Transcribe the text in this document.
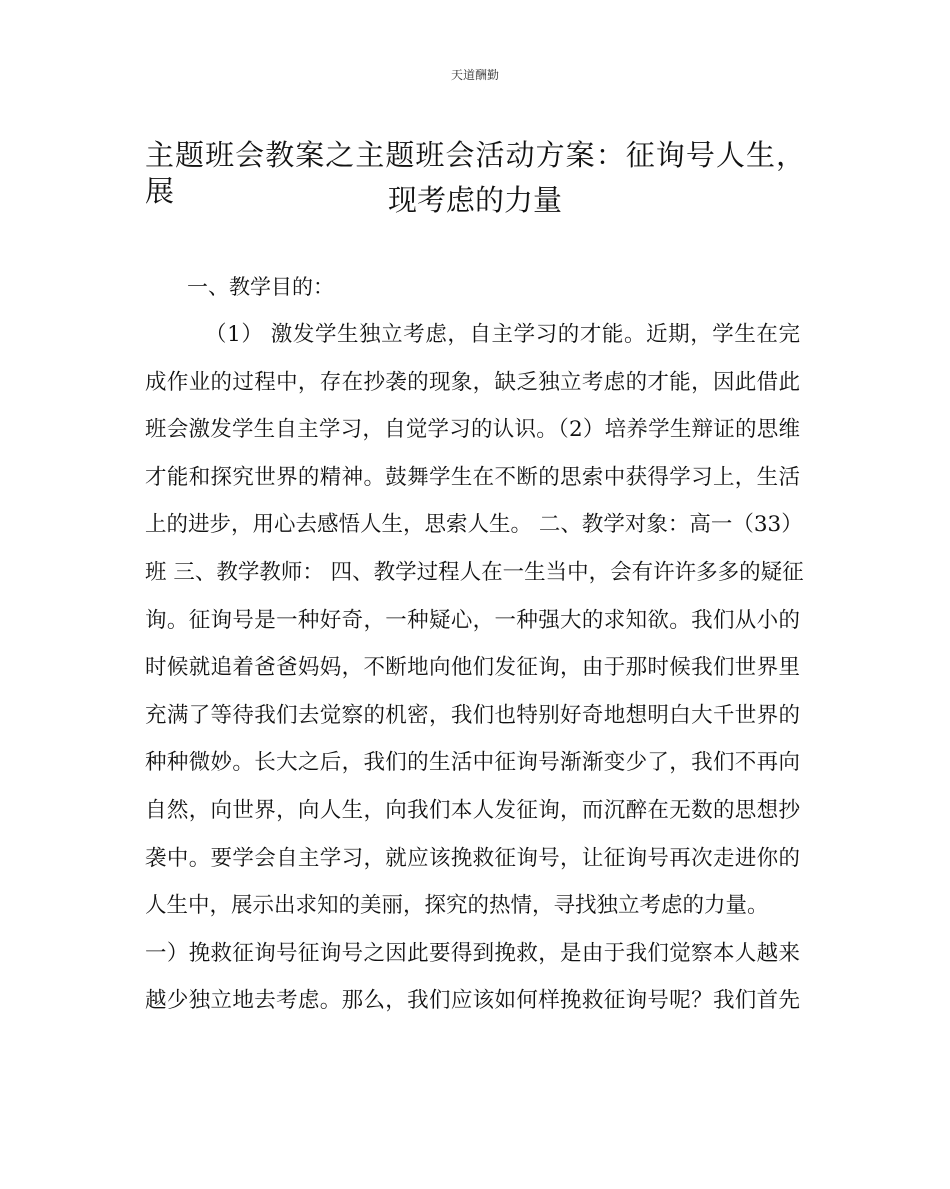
天道酬勤
主题班会教案之主题班会活动方案：征询号人生，展	现考虑的力量
一、教学目的：
（1） 激发学生独立考虑，自主学习的才能。近期，学生在完
成作业的过程中，存在抄袭的现象，缺乏独立考虑的才能，因此借此
班会激发学生自主学习，自觉学习的认识。（2）培养学生辩证的思维
才能和探究世界的精神。鼓舞学生在不断的思索中获得学习上，生活
上的进步，用心去感悟人生，思索人生。 二、教学对象：高一（33）
班 三、教学教师： 四、教学过程人在一生当中，会有许许多多的疑征
询。征询号是一种好奇，一种疑心，一种强大的求知欲。我们从小的
时候就追着爸爸妈妈，不断地向他们发征询，由于那时候我们世界里
充满了等待我们去觉察的机密，我们也特别好奇地想明白大千世界的
种种微妙。长大之后，我们的生活中征询号渐渐变少了，我们不再向
自然，向世界，向人生，向我们本人发征询，而沉醉在无数的思想抄
袭中。要学会自主学习，就应该挽救征询号，让征询号再次走进你的
人生中，展示出求知的美丽，探究的热情，寻找独立考虑的力量。
一）挽救征询号征询号之因此要得到挽救，是由于我们觉察本人越来
越少独立地去考虑。那么，我们应该如何样挽救征询号呢？我们首先
